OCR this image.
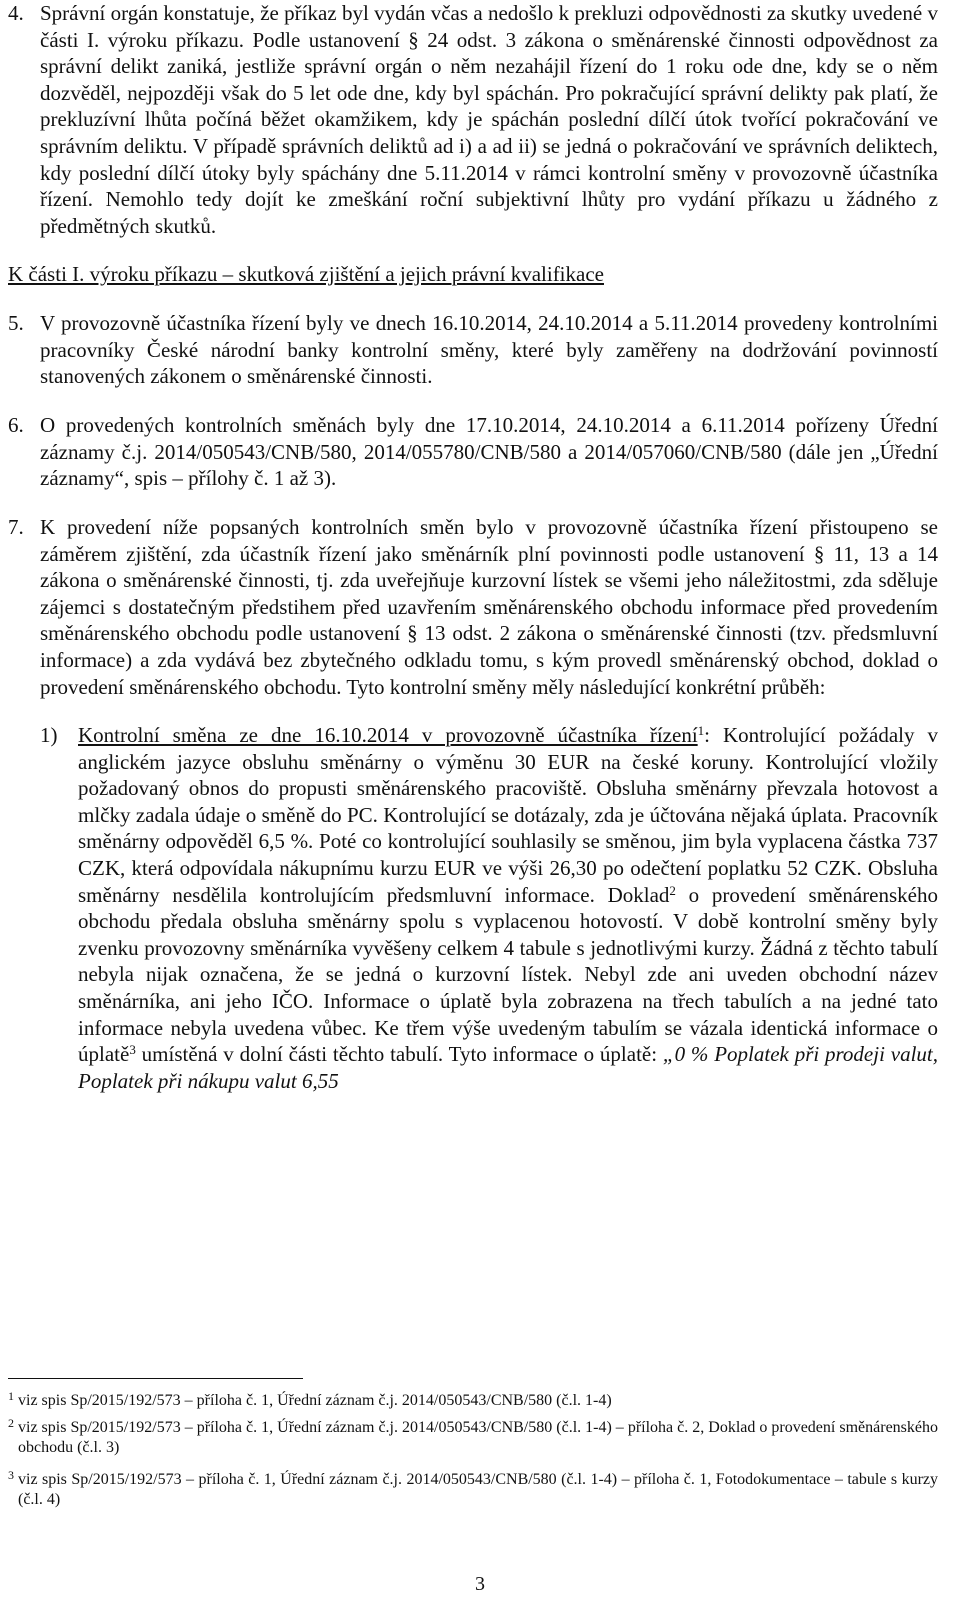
4. Správní orgán konstatuje, že příkaz byl vydán včas a nedošlo k prekluzi odpovědnosti za skutky uvedené v části I. výroku příkazu. Podle ustanovení § 24 odst. 3 zákona o směnárenské činnosti odpovědnost za správní delikt zaniká, jestliže správní orgán o něm nezahájil řízení do 1 roku ode dne, kdy se o něm dozvěděl, nejpozději však do 5 let ode dne, kdy byl spáchán. Pro pokračující správní delikty pak platí, že prekluzívní lhůta počíná běžet okamžikem, kdy je spáchán poslední dílčí útok tvořící pokračování ve správním deliktu. V případě správních deliktů ad i) a ad ii) se jedná o pokračování ve správních deliktech, kdy poslední dílčí útoky byly spáchány dne 5.11.2014 v rámci kontrolní směny v provozovně účastníka řízení. Nemohlo tedy dojít ke zmeškání roční subjektivní lhůty pro vydání příkazu u žádného z předmětných skutků.

K části I. výroku příkazu – skutková zjištění a jejich právní kvalifikace

5. V provozovně účastníka řízení byly ve dnech 16.10.2014, 24.10.2014 a 5.11.2014 provedeny kontrolními pracovníky České národní banky kontrolní směny, které byly zaměřeny na dodržování povinností stanovených zákonem o směnárenské činnosti.

6. O provedených kontrolních směnách byly dne 17.10.2014, 24.10.2014 a 6.11.2014 pořízeny Úřední záznamy č.j. 2014/050543/CNB/580, 2014/055780/CNB/580 a 2014/057060/CNB/580 (dále jen „Úřední záznamy“, spis – přílohy č. 1 až 3).

7. K provedení níže popsaných kontrolních směn bylo v provozovně účastníka řízení přistoupeno se záměrem zjištění, zda účastník řízení jako směnárník plní povinnosti podle ustanovení § 11, 13 a 14 zákona o směnárenské činnosti, tj. zda uveřejňuje kurzovní lístek se všemi jeho náležitostmi, zda sděluje zájemci s dostatečným předstihem před uzavřením směnárenského obchodu informace před provedením směnárenského obchodu podle ustanovení § 13 odst. 2 zákona o směnárenské činnosti (tzv. předsmluvní informace) a zda vydává bez zbytečného odkladu tomu, s kým provedl směnárenský obchod, doklad o provedení směnárenského obchodu. Tyto kontrolní směny měly následující konkrétní průběh:

1) Kontrolní směna ze dne 16.10.2014 v provozovně účastníka řízení$^1$: Kontrolující požádaly v anglickém jazyce obsluhu směnárny o výměnu 30 EUR na české koruny. Kontrolující vložily požadovaný obnos do propusti směnárenského pracoviště. Obsluha směnárny převzala hotovost a mlčky zadala údaje o směně do PC. Kontrolující se dotázaly, zda je účtována nějaká úplata. Pracovník směnárny odpověděl 6,5 %. Poté co kontrolující souhlasily se směnou, jim byla vyplacena částka 737 CZK, která odpovídala nákupnímu kurzu EUR ve výši 26,30 po odečtení poplatku 52 CZK. Obsluha směnárny nesdělila kontrolujícím předsmluvní informace. Doklad$^2$ o provedení směnárenského obchodu předala obsluha směnárny spolu s vyplacenou hotovostí. V době kontrolní směny byly zvenku provozovny směnárníka vyvěšeny celkem 4 tabule s jednotlivými kurzy. Žádná z těchto tabulí nebyla nijak označena, že se jedná o kurzovní lístek. Nebyl zde ani uveden obchodní název směnárníka, ani jeho IČO. Informace o úplatě byla zobrazena na třech tabulích a na jedné tato informace nebyla uvedena vůbec. Ke třem výše uvedeným tabulím se vázala identická informace o úplatě$^3$ umístěná v dolní části těchto tabulí. Tyto informace o úplatě: „0 % Poplatek při prodeji valut, Poplatek při nákupu valut 6,55

1 viz spis Sp/2015/192/573 – příloha č. 1, Úřední záznam č.j. 2014/050543/CNB/580 (č.l. 1-4)

2 viz spis Sp/2015/192/573 – příloha č. 1, Úřední záznam č.j. 2014/050543/CNB/580 (č.l. 1-4) – příloha č. 2, Doklad o provedení směnárenského obchodu (č.l. 3)

3 viz spis Sp/2015/192/573 – příloha č. 1, Úřední záznam č.j. 2014/050543/CNB/580 (č.l. 1-4) – příloha č. 1, Fotodokumentace – tabule s kurzy (č.l. 4)

3
